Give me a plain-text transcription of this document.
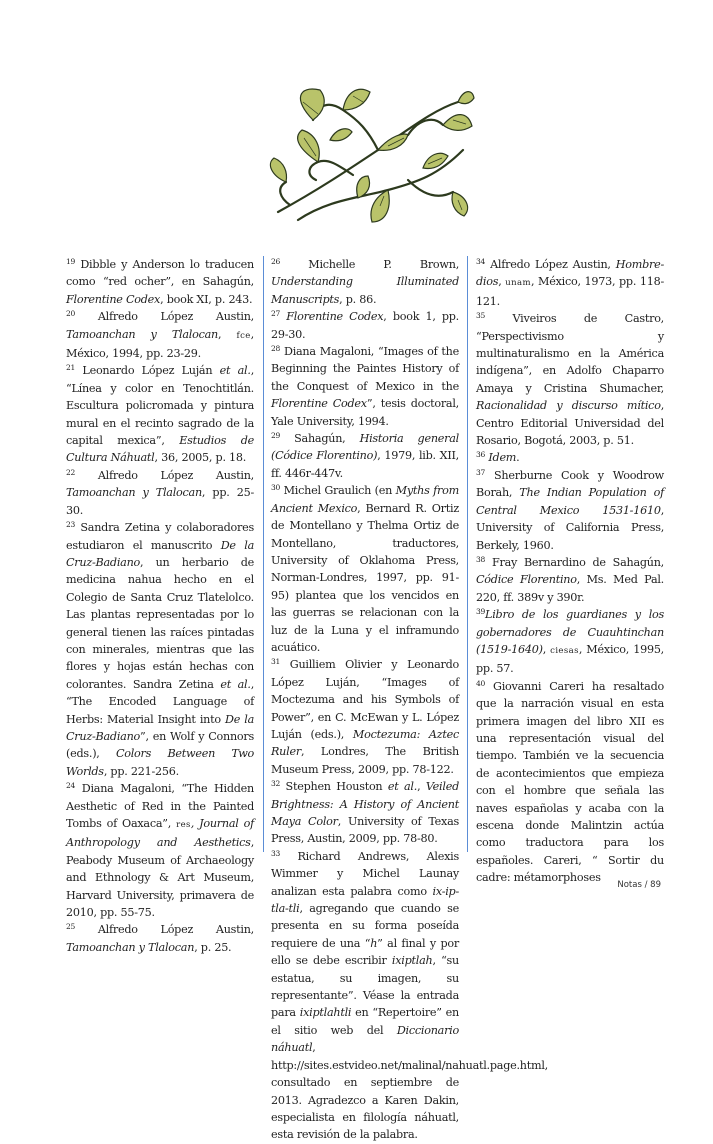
$^{19}$ Dibble y Anderson lo traducen como “red ocher”, en Sahagún, Florentine Codex, book XI, p. 243.

$^{20}$ Alfredo López Austin, Tamoanchan y Tlalocan, fce, México, 1994, pp. 23-29.

$^{21}$ Leonardo López Luján et al., “Línea y color en Tenochtitlán. Escultura policromada y pintura mural en el recinto sagrado de la capital mexica”, Estudios de Cultura Náhuatl, 36, 2005, p. 18.

$^{22}$ Alfredo López Austin, Tamoanchan y Tlalocan, pp. 25-30.

$^{23}$ Sandra Zetina y colaboradores estudiaron el manuscrito De la Cruz-Badiano, un herbario de medicina nahua hecho en el Colegio de Santa Cruz Tlatelolco. Las plantas representadas por lo general tienen las raíces pintadas con minerales, mientras que las flores y hojas están hechas con colorantes. Sandra Zetina et al., “The Encoded Language of Herbs: Material Insight into De la Cruz-Badiano”, en Wolf y Connors (eds.), Colors Between Two Worlds, pp. 221-256.

$^{24}$ Diana Magaloni, “The Hidden Aesthetic of Red in the Painted Tombs of Oaxaca”, res, Journal of Anthropology and Aesthetics, Peabody Museum of Archaeology and Ethnology & Art Museum, Harvard University, primavera de 2010, pp. 55-75.

$^{25}$ Alfredo López Austin, Tamoanchan y Tlalocan, p. 25.

$^{26}$ Michelle P. Brown, Understanding Illuminated Manuscripts, p. 86.

$^{27}$ Florentine Codex, book 1, pp. 29-30.

$^{28}$ Diana Magaloni, “Images of the Beginning the Paintes History of the Conquest of Mexico in the Florentine Codex”, tesis doctoral, Yale University, 1994.

$^{29}$ Sahagún, Historia general (Códice Florentino), 1979, lib. XII, ff. 446r-447v.

$^{30}$ Michel Graulich (en Myths from Ancient Mexico, Bernard R. Ortiz de Montellano y Thelma Ortiz de Montellano, traductores, University of Oklahoma Press, Norman-Londres, 1997, pp. 91-95) plantea que los vencidos en las guerras se relacionan con la luz de la Luna y el inframundo acuático.

$^{31}$ Guilliem Olivier y Leonardo López Luján, “Images of Moctezuma and his Symbols of Power”, en C. McEwan y L. López Luján (eds.), Moctezuma: Aztec Ruler, Londres, The British Museum Press, 2009, pp. 78-122.

$^{32}$ Stephen Houston et al., Veiled Brightness: A History of Ancient Maya Color, University of Texas Press, Austin, 2009, pp. 78-80.

$^{33}$ Richard Andrews, Alexis Wimmer y Michel Launay analizan esta palabra como ix-ip-tla-tli, agregando que cuando se presenta en su forma poseída requiere de una “h” al final y por ello se debe escribir ixiptlah, “su estatua, su imagen, su representante”. Véase la entrada para ixiptlahtli en “Repertoire” en el sitio web del Diccionario náhuatl, http://sites.estvideo.net/malinal/nahuatl.page.html, consultado en septiembre de 2013. Agradezco a Karen Dakin, especialista en filología náhuatl, esta revisión de la palabra.

$^{34}$ Alfredo López Austin, Hombre-dios, unam, México, 1973, pp. 118-121.

$^{35}$ Viveiros de Castro, “Perspectivismo y multinaturalismo en la América indígena”, en Adolfo Chaparro Amaya y Cristina Shumacher, Racionalidad y discurso mítico, Centro Editorial Universidad del Rosario, Bogotá, 2003, p. 51.

$^{36}$ Idem.

$^{37}$ Sherburne Cook y Woodrow Borah, The Indian Population of Central Mexico 1531-1610, University of California Press, Berkely, 1960.

$^{38}$ Fray Bernardino de Sahagún, Códice Florentino, Ms. Med Pal. 220, ff. 389v y 390r.

$^{39}$Libro de los guardianes y los gobernadores de Cuauhtinchan (1519-1640), ciesas, México, 1995, pp. 57.

$^{40}$ Giovanni Careri ha resaltado que la narración visual en esta primera imagen del libro XII es una representación visual del tiempo. También ve la secuencia de acontecimientos que empieza con el hombre que señala las naves españolas y acaba con la escena donde Malintzin actúa como traductora para los españoles. Careri, “ Sortir du cadre: métamorphoses

Notas / 89
